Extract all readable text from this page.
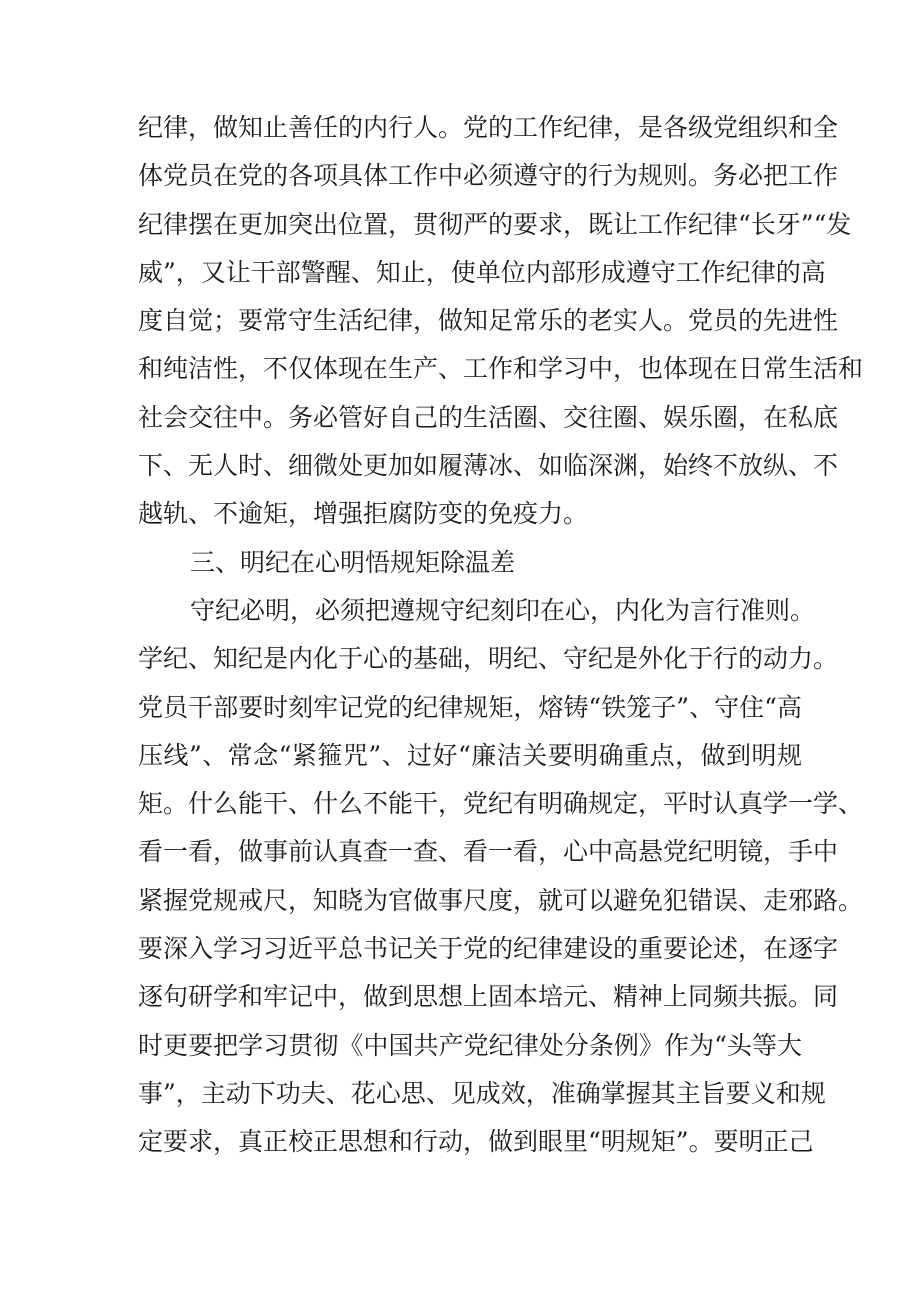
纪律，做知止善任的内行人。党的工作纪律，是各级党组织和全
体党员在党的各项具体工作中必须遵守的行为规则。务必把工作
纪律摆在更加突出位置，贯彻严的要求，既让工作纪律“长牙”“发
威”，又让干部警醒、知止，使单位内部形成遵守工作纪律的高
度自觉；要常守生活纪律，做知足常乐的老实人。党员的先进性
和纯洁性，不仅体现在生产、工作和学习中，也体现在日常生活和
社会交往中。务必管好自己的生活圈、交往圈、娱乐圈，在私底
下、无人时、细微处更加如履薄冰、如临深渊，始终不放纵、不
越轨、不逾矩，增强拒腐防变的免疫力。
三、明纪在心明悟规矩除温差
守纪必明，必须把遵规守纪刻印在心，内化为言行准则。
学纪、知纪是内化于心的基础，明纪、守纪是外化于行的动力。
党员干部要时刻牢记党的纪律规矩，熔铸“铁笼子”、守住“高
压线”、常念“紧箍咒”、过好“廉洁关要明确重点，做到明规
矩。什么能干、什么不能干，党纪有明确规定，平时认真学一学、
看一看，做事前认真查一查、看一看，心中高悬党纪明镜，手中
紧握党规戒尺，知晓为官做事尺度，就可以避免犯错误、走邪路。
要深入学习习近平总书记关于党的纪律建设的重要论述，在逐字
逐句研学和牢记中，做到思想上固本培元、精神上同频共振。同
时更要把学习贯彻《中国共产党纪律处分条例》作为“头等大
事”，主动下功夫、花心思、见成效，准确掌握其主旨要义和规
定要求，真正校正思想和行动，做到眼里“明规矩”。要明正己
